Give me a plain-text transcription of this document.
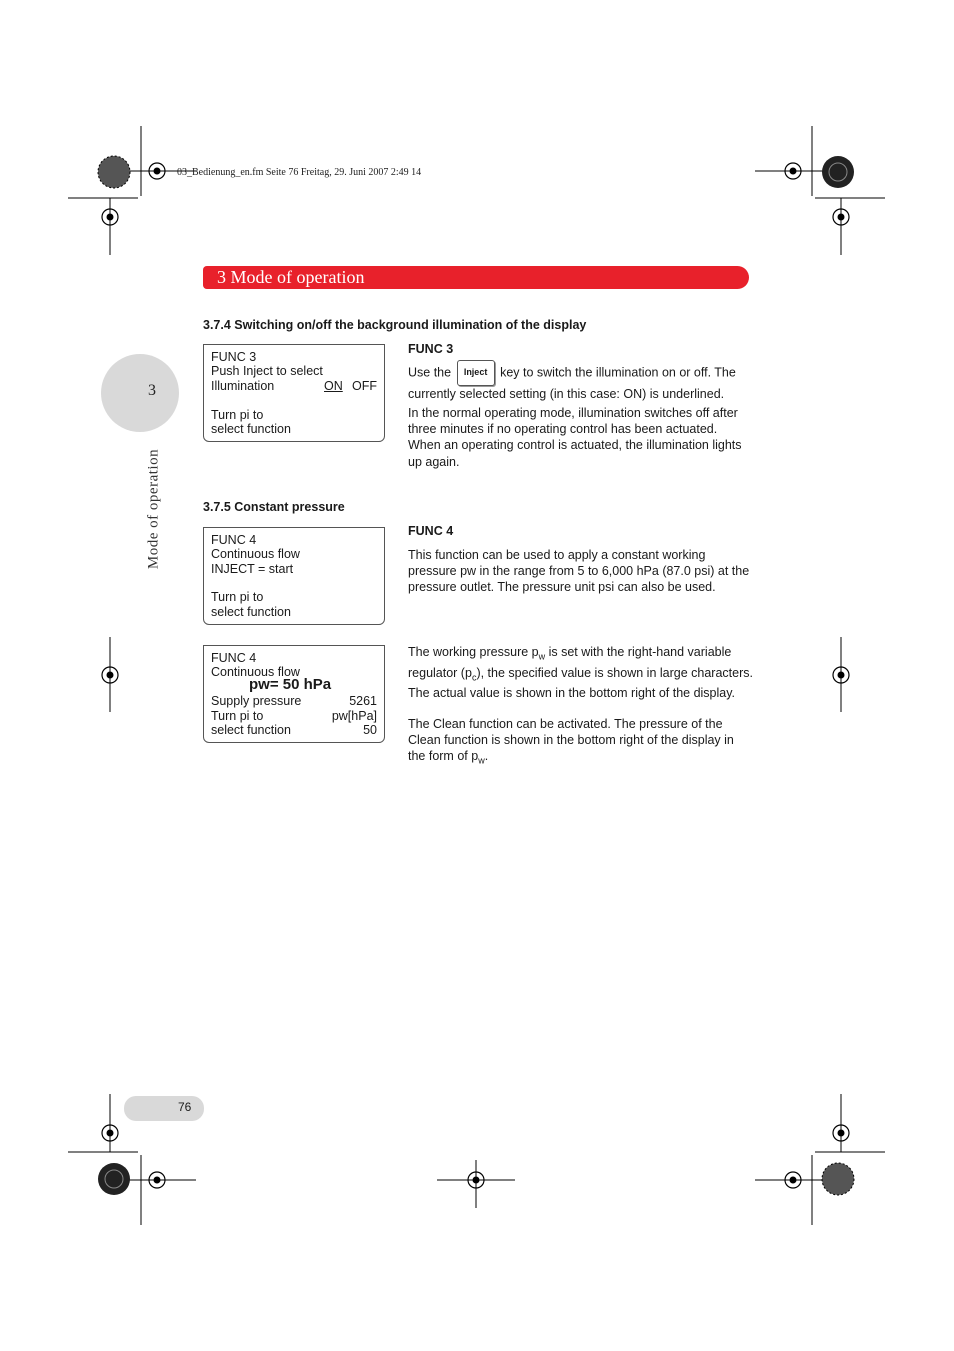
03_Bedienung_en.fm Seite 76 Freitag, 29. Juni 2007 2:49 14
3 Mode of operation
3
Mode of operation
3.7.4 Switching on/off the background illumination of the display
FUNC 3
Push Inject to select
Illumination	ON OFF
Turn pi to
select function
FUNC 3
Use the Inject key to switch the illumination on or off. The currently selected setting (in this case: ON) is underlined.
In the normal operating mode, illumination switches off after three minutes if no operating control has been actuated. When an operating control is actuated, the illumination lights up again.
3.7.5 Constant pressure
FUNC 4
Continuous flow
INJECT = start
Turn pi to
select function
FUNC 4
This function can be used to apply a constant working pressure pw in the range from 5 to 6,000 hPa (87.0 psi) at the pressure outlet. The pressure unit psi can also be used.
FUNC 4
Continuous flow
pw= 50 hPa
Supply pressure	5261
Turn pi to	pw[hPa]
select function	50
The working pressure $p_w$ is set with the right-hand variable regulator $(p_c)$, the specified value is shown in large characters. The actual value is shown in the bottom right of the display.
The Clean function can be activated. The pressure of the Clean function is shown in the bottom right of the display in the form of $p_w$.
76
